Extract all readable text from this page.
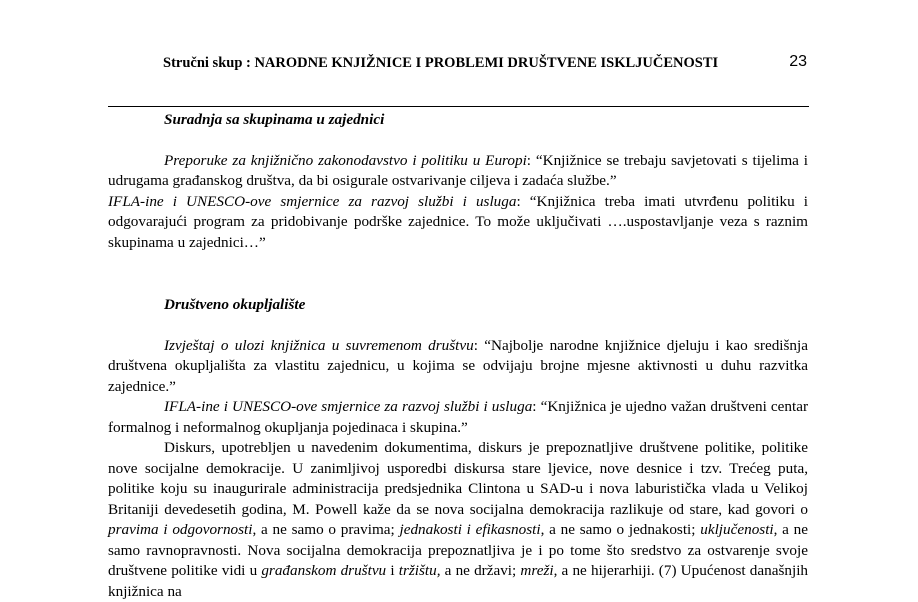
Stručni skup : NARODNE KNJIŽNICE I PROBLEMI DRUŠTVENE ISKLJUČENOSTI	23

Suradnja sa skupinama u zajednici

Preporuke za knjižnično zakonodavstvo i politiku u Europi: “Knjižnice se trebaju savjetovati s tijelima i udrugama građanskog društva, da bi osigurale ostvarivanje ciljeva i zadaća službe.”

IFLA-ine i UNESCO-ove smjernice za razvoj službi i usluga: “Knjižnica treba imati utvrđenu politiku i odgovarajući program za pridobivanje podrške zajednice. To može uključivati ….uspostavljanje veza s raznim skupinama u zajednici…”

Društveno okupljalište

Izvještaj o ulozi knjižnica u suvremenom društvu: “Najbolje narodne knjižnice djeluju i kao središnja društvena okupljališta za vlastitu zajednicu, u kojima se odvijaju brojne mjesne aktivnosti u duhu razvitka zajednice.”

IFLA-ine i UNESCO-ove smjernice za razvoj službi i usluga: “Knjižnica je ujedno važan društveni centar formalnog i neformalnog okupljanja pojedinaca i skupina.”

Diskurs, upotrebljen u navedenim dokumentima, diskurs je prepoznatljive društvene politike, politike nove socijalne demokracije. U zanimljivoj usporedbi diskursa stare ljevice, nove desnice i tzv. Trećeg puta, politike koju su inaugurirale administracija predsjednika Clintona u SAD-u i nova laburistička vlada u Velikoj Britaniji devedesetih godina, M. Powell kaže da se nova socijalna demokracija razlikuje od stare, kad govori o pravima i odgovornosti, a ne samo o pravima; jednakosti i efikasnosti, a ne samo o jednakosti; uključenosti, a ne samo ravnopravnosti. Nova socijalna demokracija prepoznatljiva je i po tome što sredstvo za ostvarenje svoje društvene politike vidi u građanskom društvu i tržištu, a ne državi; mreži, a ne hijerarhiji. (7) Upućenost današnjih knjižnica na
